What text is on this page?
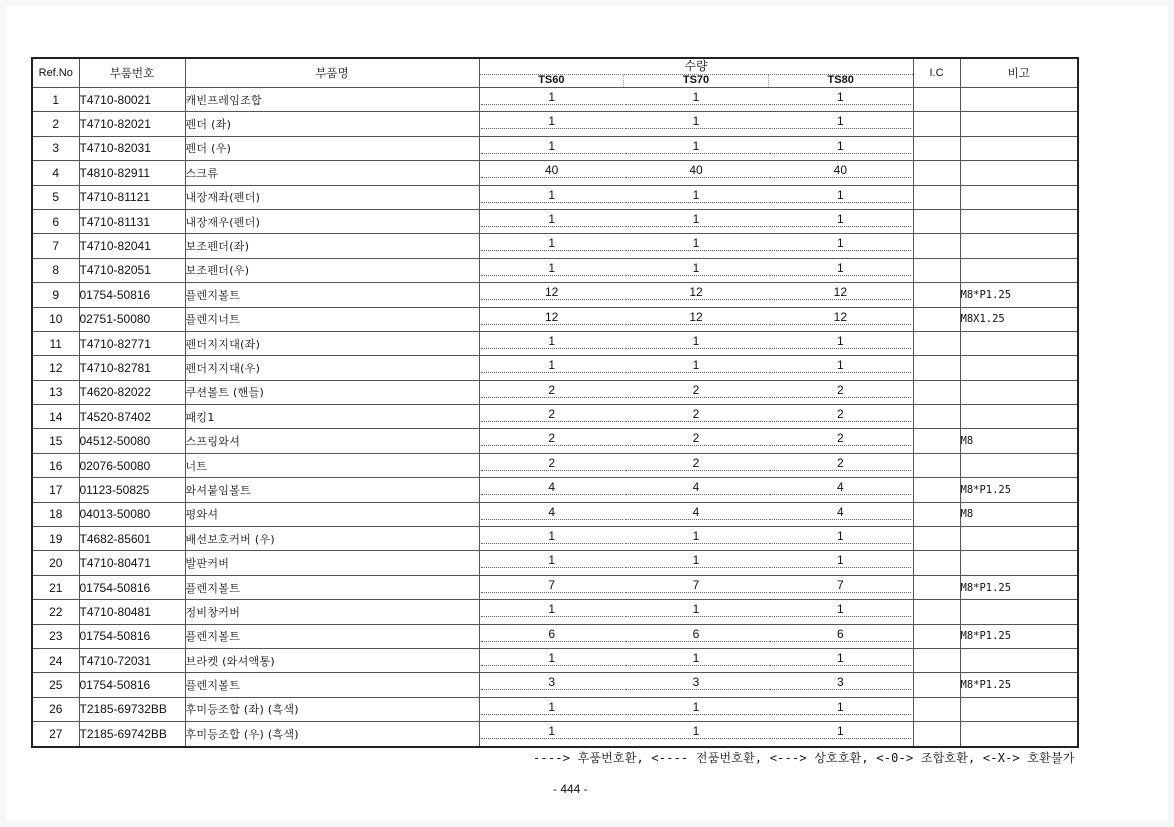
Ref.No	부품번호	부품명	수량
TS60 TS70 TS80	I.C	비고
1	T4710-80021	캐빈프레임조합	1 1 1		

2	T4710-82021	펜더 (좌)	1 1 1		

3	T4710-82031	펜더 (우)	1 1 1		

4	T4810-82911	스크류	40 40 40		

5	T4710-81121	내장재좌(펜더)	1 1 1		

6	T4710-81131	내장재우(펜더)	1 1 1		

7	T4710-82041	보조펜더(좌)	1 1 1		

8	T4710-82051	보조펜더(우)	1 1 1		

9	01754-50816	플렌지볼트	12 12 12		M8*P1.25
10	02751-50080	플렌지너트	12 12 12		M8X1.25
11	T4710-82771	펜더지지대(좌)	1 1 1		

12	T4710-82781	펜더지지대(우)	1 1 1		

13	T4620-82022	쿠션볼트 (핸들)	2 2 2		

14	T4520-87402	패킹1	2 2 2		

15	04512-50080	스프링와셔	2 2 2		M8
16	02076-50080	너트	2 2 2		

17	01123-50825	와셔붙임볼트	4 4 4		M8*P1.25
18	04013-50080	평와셔	4 4 4		M8
19	T4682-85601	배선보호커버 (우)	1 1 1		

20	T4710-80471	발판커버	1 1 1		

21	01754-50816	플렌지볼트	7 7 7		M8*P1.25
22	T4710-80481	정비창커버	1 1 1		

23	01754-50816	플렌지볼트	6 6 6		M8*P1.25
24	T4710-72031	브라켓 (와셔액통)	1 1 1		

25	01754-50816	플렌지볼트	3 3 3		M8*P1.25
26	T2185-69732BB	후미등조합 (좌) (흑색)	1 1 1		

27	T2185-69742BB	후미등조합 (우) (흑색)	1 1 1		

----> 후품번호환, <---- 전품번호환, <---> 상호호환, <-0-> 조합호환, <-X-> 호환불가
- 444 -
